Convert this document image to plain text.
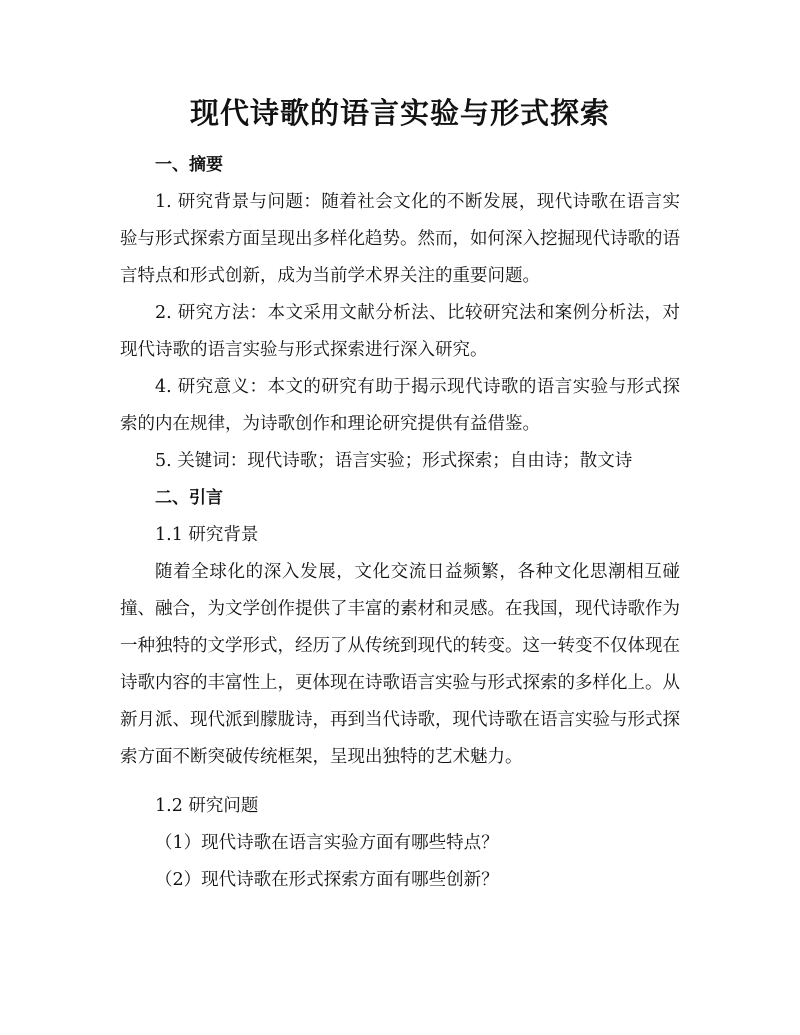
现代诗歌的语言实验与形式探索

一、摘要

1. 研究背景与问题：随着社会文化的不断发展，现代诗歌在语言实验与形式探索方面呈现出多样化趋势。然而，如何深入挖掘现代诗歌的语言特点和形式创新，成为当前学术界关注的重要问题。

2. 研究方法：本文采用文献分析法、比较研究法和案例分析法，对现代诗歌的语言实验与形式探索进行深入研究。

4. 研究意义：本文的研究有助于揭示现代诗歌的语言实验与形式探索的内在规律，为诗歌创作和理论研究提供有益借鉴。

5. 关键词：现代诗歌；语言实验；形式探索；自由诗；散文诗

二、引言

1.1 研究背景

随着全球化的深入发展，文化交流日益频繁，各种文化思潮相互碰撞、融合，为文学创作提供了丰富的素材和灵感。在我国，现代诗歌作为一种独特的文学形式，经历了从传统到现代的转变。这一转变不仅体现在诗歌内容的丰富性上，更体现在诗歌语言实验与形式探索的多样化上。从新月派、现代派到朦胧诗，再到当代诗歌，现代诗歌在语言实验与形式探索方面不断突破传统框架，呈现出独特的艺术魅力。

1.2 研究问题

（1）现代诗歌在语言实验方面有哪些特点？

（2）现代诗歌在形式探索方面有哪些创新？
